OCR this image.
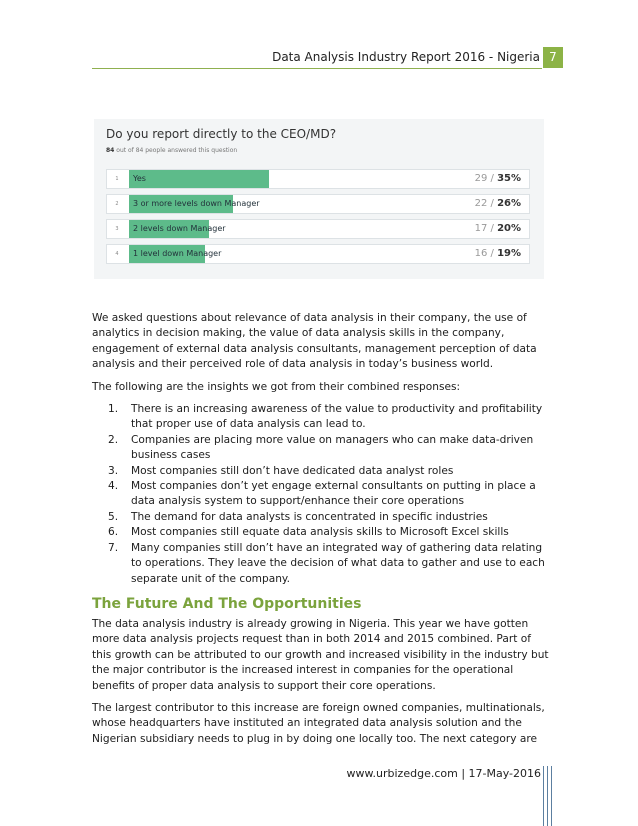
Data Analysis Industry Report 2016 - Nigeria 7
Do you report directly to the CEO/MD?
84 out of 84 people answered this question
1	Yes	29 / 35%
2	3 or more levels down Manager	22 / 26%
3	2 levels down Manager	17 / 20%
4	1 level down Manager	16 / 19%

We asked questions about relevance of data analysis in their company, the use of analytics in decision making, the value of data analysis skills in the company, engagement of external data analysis consultants, management perception of data analysis and their perceived role of data analysis in today’s business world.

The following are the insights we got from their combined responses:

1. There is an increasing awareness of the value to productivity and profitability that proper use of data analysis can lead to.
2. Companies are placing more value on managers who can make data-driven business cases
3. Most companies still don’t have dedicated data analyst roles
4. Most companies don’t yet engage external consultants on putting in place a data analysis system to support/enhance their core operations
5. The demand for data analysts is concentrated in specific industries
6. Most companies still equate data analysis skills to Microsoft Excel skills
7. Many companies still don’t have an integrated way of gathering data relating to operations. They leave the decision of what data to gather and use to each separate unit of the company.
The Future And The Opportunities

The data analysis industry is already growing in Nigeria. This year we have gotten more data analysis projects request than in both 2014 and 2015 combined. Part of this growth can be attributed to our growth and increased visibility in the industry but the major contributor is the increased interest in companies for the operational benefits of proper data analysis to support their core operations.

The largest contributor to this increase are foreign owned companies, multinationals, whose headquarters have instituted an integrated data analysis solution and the Nigerian subsidiary needs to plug in by doing one locally too. The next category are

www.urbizedge.com | 17-May-2016
